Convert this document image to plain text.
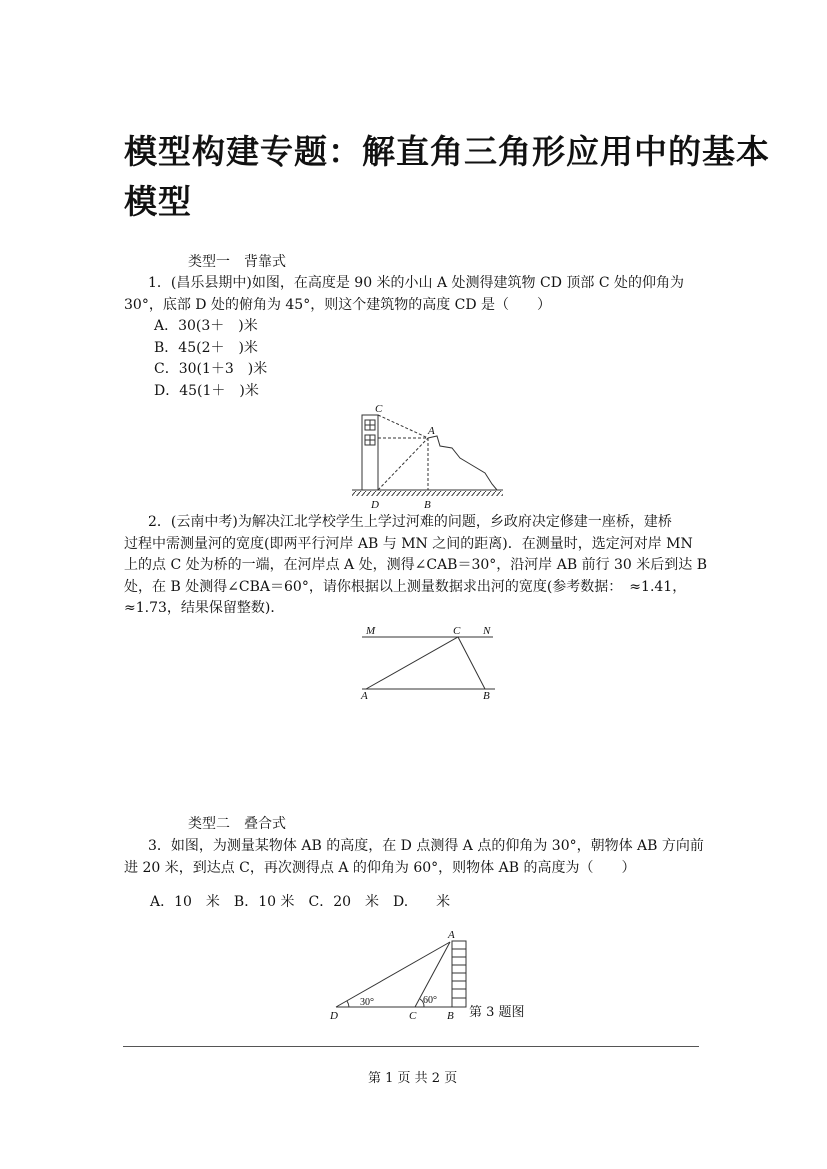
模型构建专题：解直角三角形应用中的基本
模型
类型一　背靠式
1．(昌乐县期中)如图，在高度是 90 米的小山 A 处测得建筑物 CD 顶部 C 处的仰角为
30°，底部 D 处的俯角为 45°，则这个建筑物的高度 CD 是（　　）
A．30(3＋　)米
B．45(2＋　)米
C．30(1＋3　)米
D．45(1＋　)米
C
A
D	B
M	C N
A	B
A
D	C	B
30°	60°
2．(云南中考)为解决江北学校学生上学过河难的问题，乡政府决定修建一座桥，建桥
过程中需测量河的宽度(即两平行河岸 AB 与 MN 之间的距离)．在测量时，选定河对岸 MN
上的点 C 处为桥的一端，在河岸点 A 处，测得∠CAB＝30°，沿河岸 AB 前行 30 米后到达 B
处，在 B 处测得∠CBA＝60°，请你根据以上测量数据求出河的宽度(参考数据：　≈1.41，
≈1.73，结果保留整数)．
类型二　叠合式
3．如图，为测量某物体 AB 的高度，在 D 点测得 A 点的仰角为 30°，朝物体 AB 方向前
进 20 米，到达点 C，再次测得点 A 的仰角为 60°，则物体 AB 的高度为（　　）
A．10　米　B．10 米　C．20　米　D.　　米
第 3 题图
第 1 页 共 2 页
